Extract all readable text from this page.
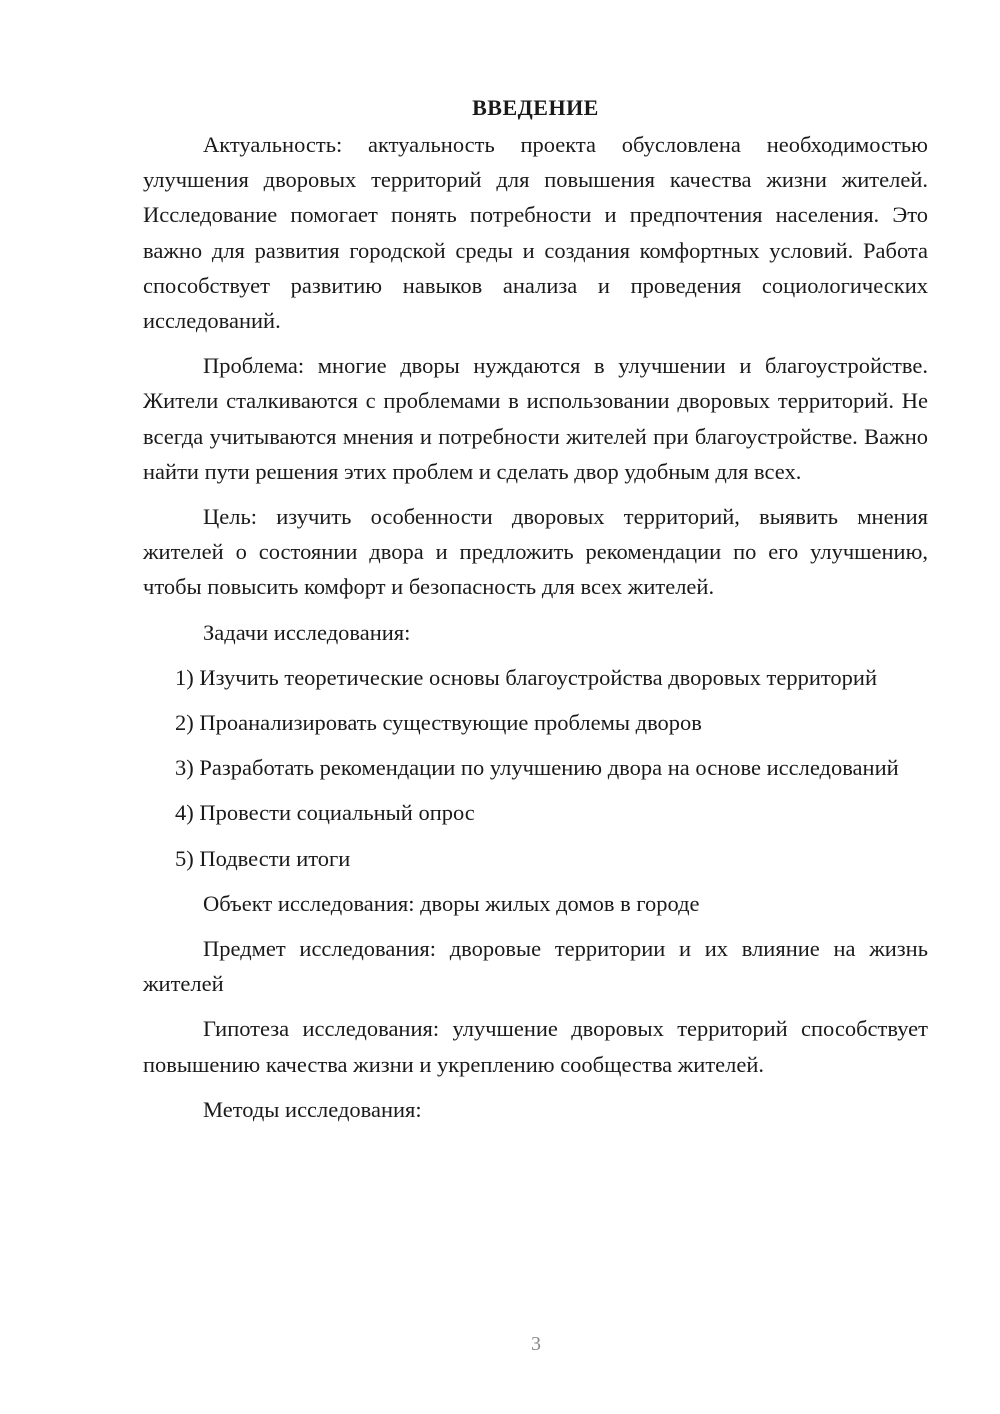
ВВЕДЕНИЕ

Актуальность: актуальность проекта обусловлена необходимостью улучшения дворовых территорий для повышения качества жизни жителей. Исследование помогает понять потребности и предпочтения населения. Это важно для развития городской среды и создания комфортных условий. Работа способствует развитию навыков анализа и проведения социологических исследований.

Проблема: многие дворы нуждаются в улучшении и благоустройстве. Жители сталкиваются с проблемами в использовании дворовых территорий. Не всегда учитываются мнения и потребности жителей при благоустройстве. Важно найти пути решения этих проблем и сделать двор удобным для всех.

Цель: изучить особенности дворовых территорий, выявить мнения жителей о состоянии двора и предложить рекомендации по его улучшению, чтобы повысить комфорт и безопасность для всех жителей.

Задачи исследования:

1) Изучить теоретические основы благоустройства дворовых территорий

2) Проанализировать существующие проблемы дворов

3) Разработать рекомендации по улучшению двора на основе исследований

4) Провести социальный опрос

5) Подвести итоги

Объект исследования: дворы жилых домов в городе

Предмет исследования: дворовые территории и их влияние на жизнь жителей

Гипотеза исследования: улучшение дворовых территорий способствует повышению качества жизни и укреплению сообщества жителей.

Методы исследования:

3
